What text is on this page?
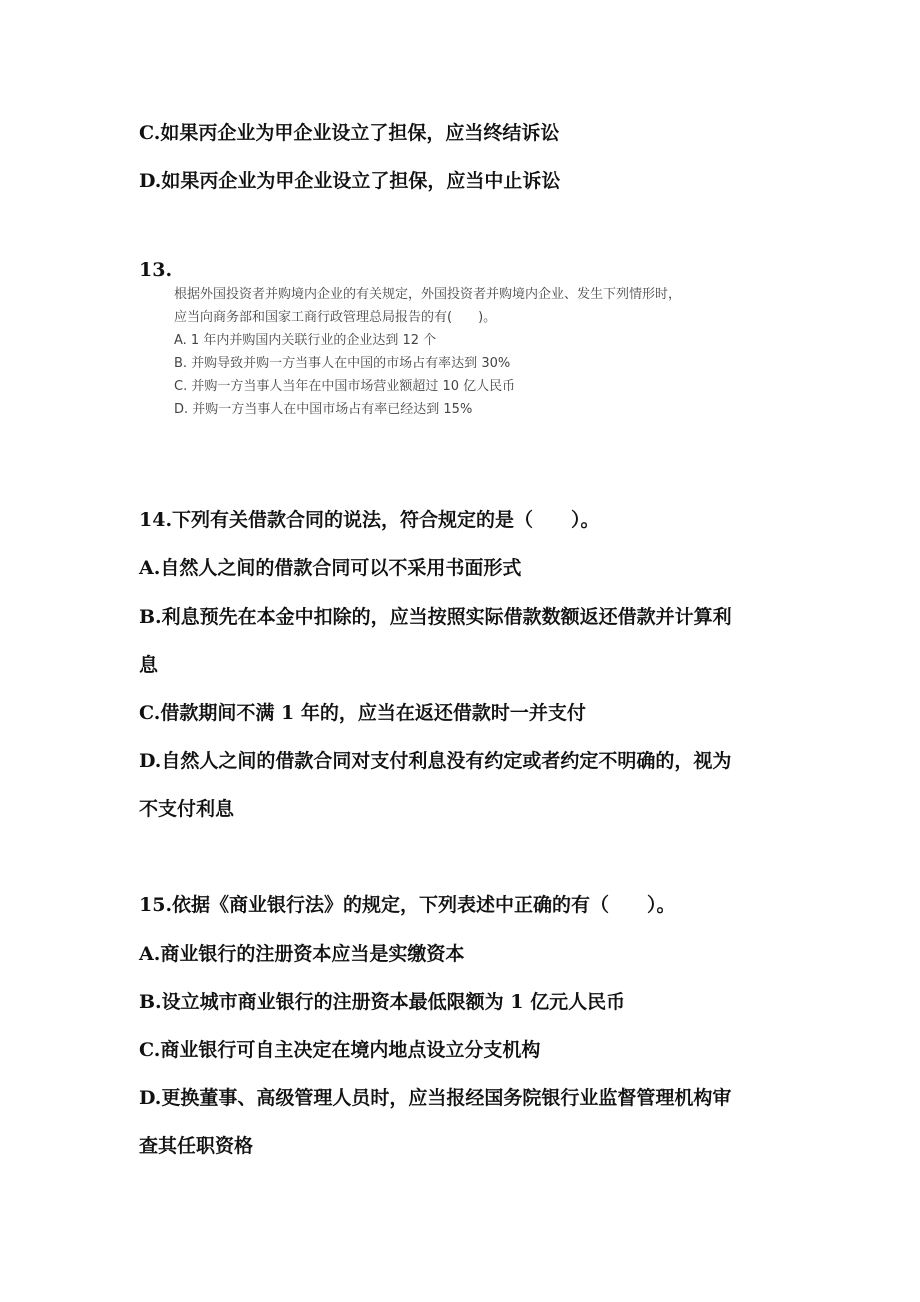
C.如果丙企业为甲企业设立了担保，应当终结诉讼
D.如果丙企业为甲企业设立了担保，应当中止诉讼
13.
根据外国投资者并购境内企业的有关规定，外国投资者并购境内企业、发生下列情形时，
应当向商务部和国家工商行政管理总局报告的有(　　)。
A. 1 年内并购国内关联行业的企业达到 12 个
B. 并购导致并购一方当事人在中国的市场占有率达到 30%
C. 并购一方当事人当年在中国市场营业额超过 10 亿人民币
D. 并购一方当事人在中国市场占有率已经达到 15%
14.下列有关借款合同的说法，符合规定的是（　　）。
A.自然人之间的借款合同可以不采用书面形式
B.利息预先在本金中扣除的，应当按照实际借款数额返还借款并计算利
息
C.借款期间不满 1 年的，应当在返还借款时一并支付
D.自然人之间的借款合同对支付利息没有约定或者约定不明确的，视为
不支付利息
15.依据《商业银行法》的规定，下列表述中正确的有（　　）。
A.商业银行的注册资本应当是实缴资本
B.设立城市商业银行的注册资本最低限额为 1 亿元人民币
C.商业银行可自主决定在境内地点设立分支机构
D.更换董事、高级管理人员时，应当报经国务院银行业监督管理机构审
查其任职资格
